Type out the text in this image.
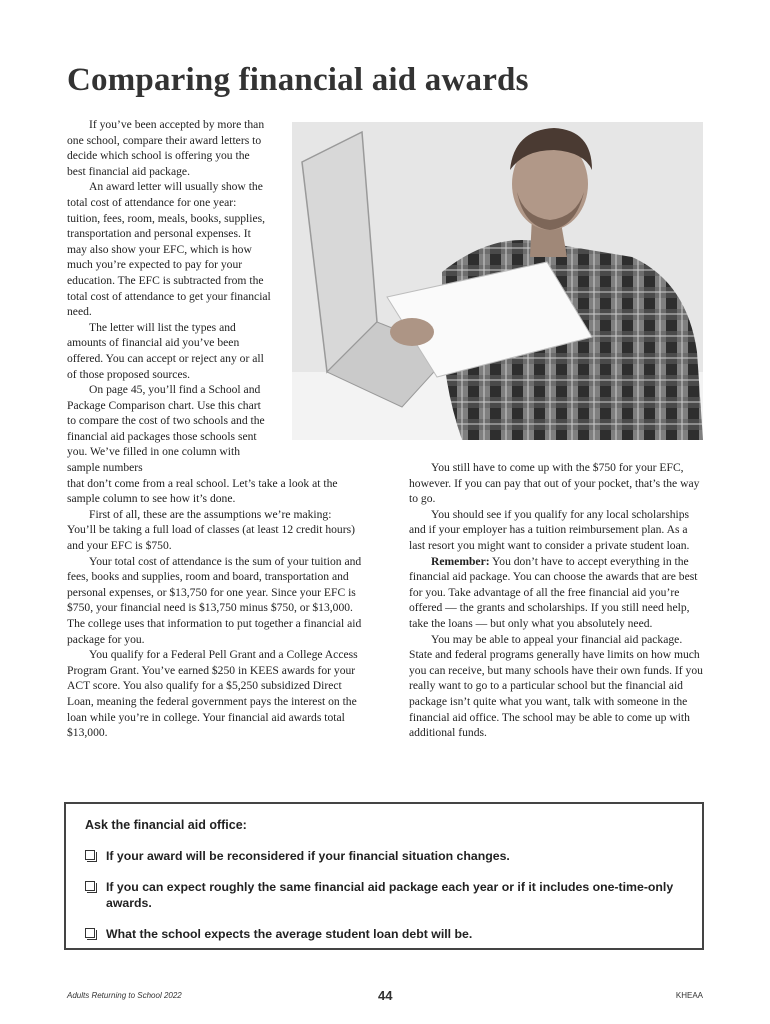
Comparing financial aid awards

If you’ve been accepted by more than one school, compare their award letters to decide which school is offering you the best financial aid package.

An award letter will usually show the total cost of attendance for one year: tuition, fees, room, meals, books, supplies, transportation and personal expenses. It may also show your EFC, which is how much you’re expected to pay for your education. The EFC is subtracted from the total cost of attendance to get your financial need.

The letter will list the types and amounts of financial aid you’ve been offered. You can accept or reject any or all of those proposed sources.

On page 45, you’ll find a School and Package Comparison chart. Use this chart to compare the cost of two schools and the financial aid packages those schools sent you. We’ve filled in one column with sample numbers

that don’t come from a real school. Let’s take a look at the sample column to see how it’s done.

First of all, these are the assumptions we’re making: You’ll be taking a full load of classes (at least 12 credit hours) and your EFC is $750.

Your total cost of attendance is the sum of your tuition and fees, books and supplies, room and board, transportation and personal expenses, or $13,750 for one year. Since your EFC is $750, your financial need is $13,750 minus $750, or $13,000. The college uses that information to put together a financial aid package for you.

You qualify for a Federal Pell Grant and a College Access Program Grant. You’ve earned $250 in KEES awards for your ACT score. You also qualify for a $5,250 subsidized Direct Loan, meaning the federal government pays the interest on the loan while you’re in college. Your financial aid awards total $13,000.

You still have to come up with the $750 for your EFC, however. If you can pay that out of your pocket, that’s the way to go.

You should see if you qualify for any local scholarships and if your employer has a tuition reimbursement plan. As a last resort you might want to consider a private student loan.

Remember: You don’t have to accept everything in the financial aid package. You can choose the awards that are best for you. Take advantage of all the free financial aid you’re offered — the grants and scholarships. If you still need help, take the loans — but only what you absolutely need.

You may be able to appeal your financial aid package. State and federal programs generally have limits on how much you can receive, but many schools have their own funds. If you really want to go to a particular school but the financial aid package isn’t quite what you want, talk with someone in the financial aid office. The school may be able to come up with additional funds.

Ask the financial aid office:
If your award will be reconsidered if your financial situation changes.
If you can expect roughly the same financial aid package each year or if it includes one-time-only awards.
What the school expects the average student loan debt will be.
Adults Returning to School 2022	44	KHEAA
